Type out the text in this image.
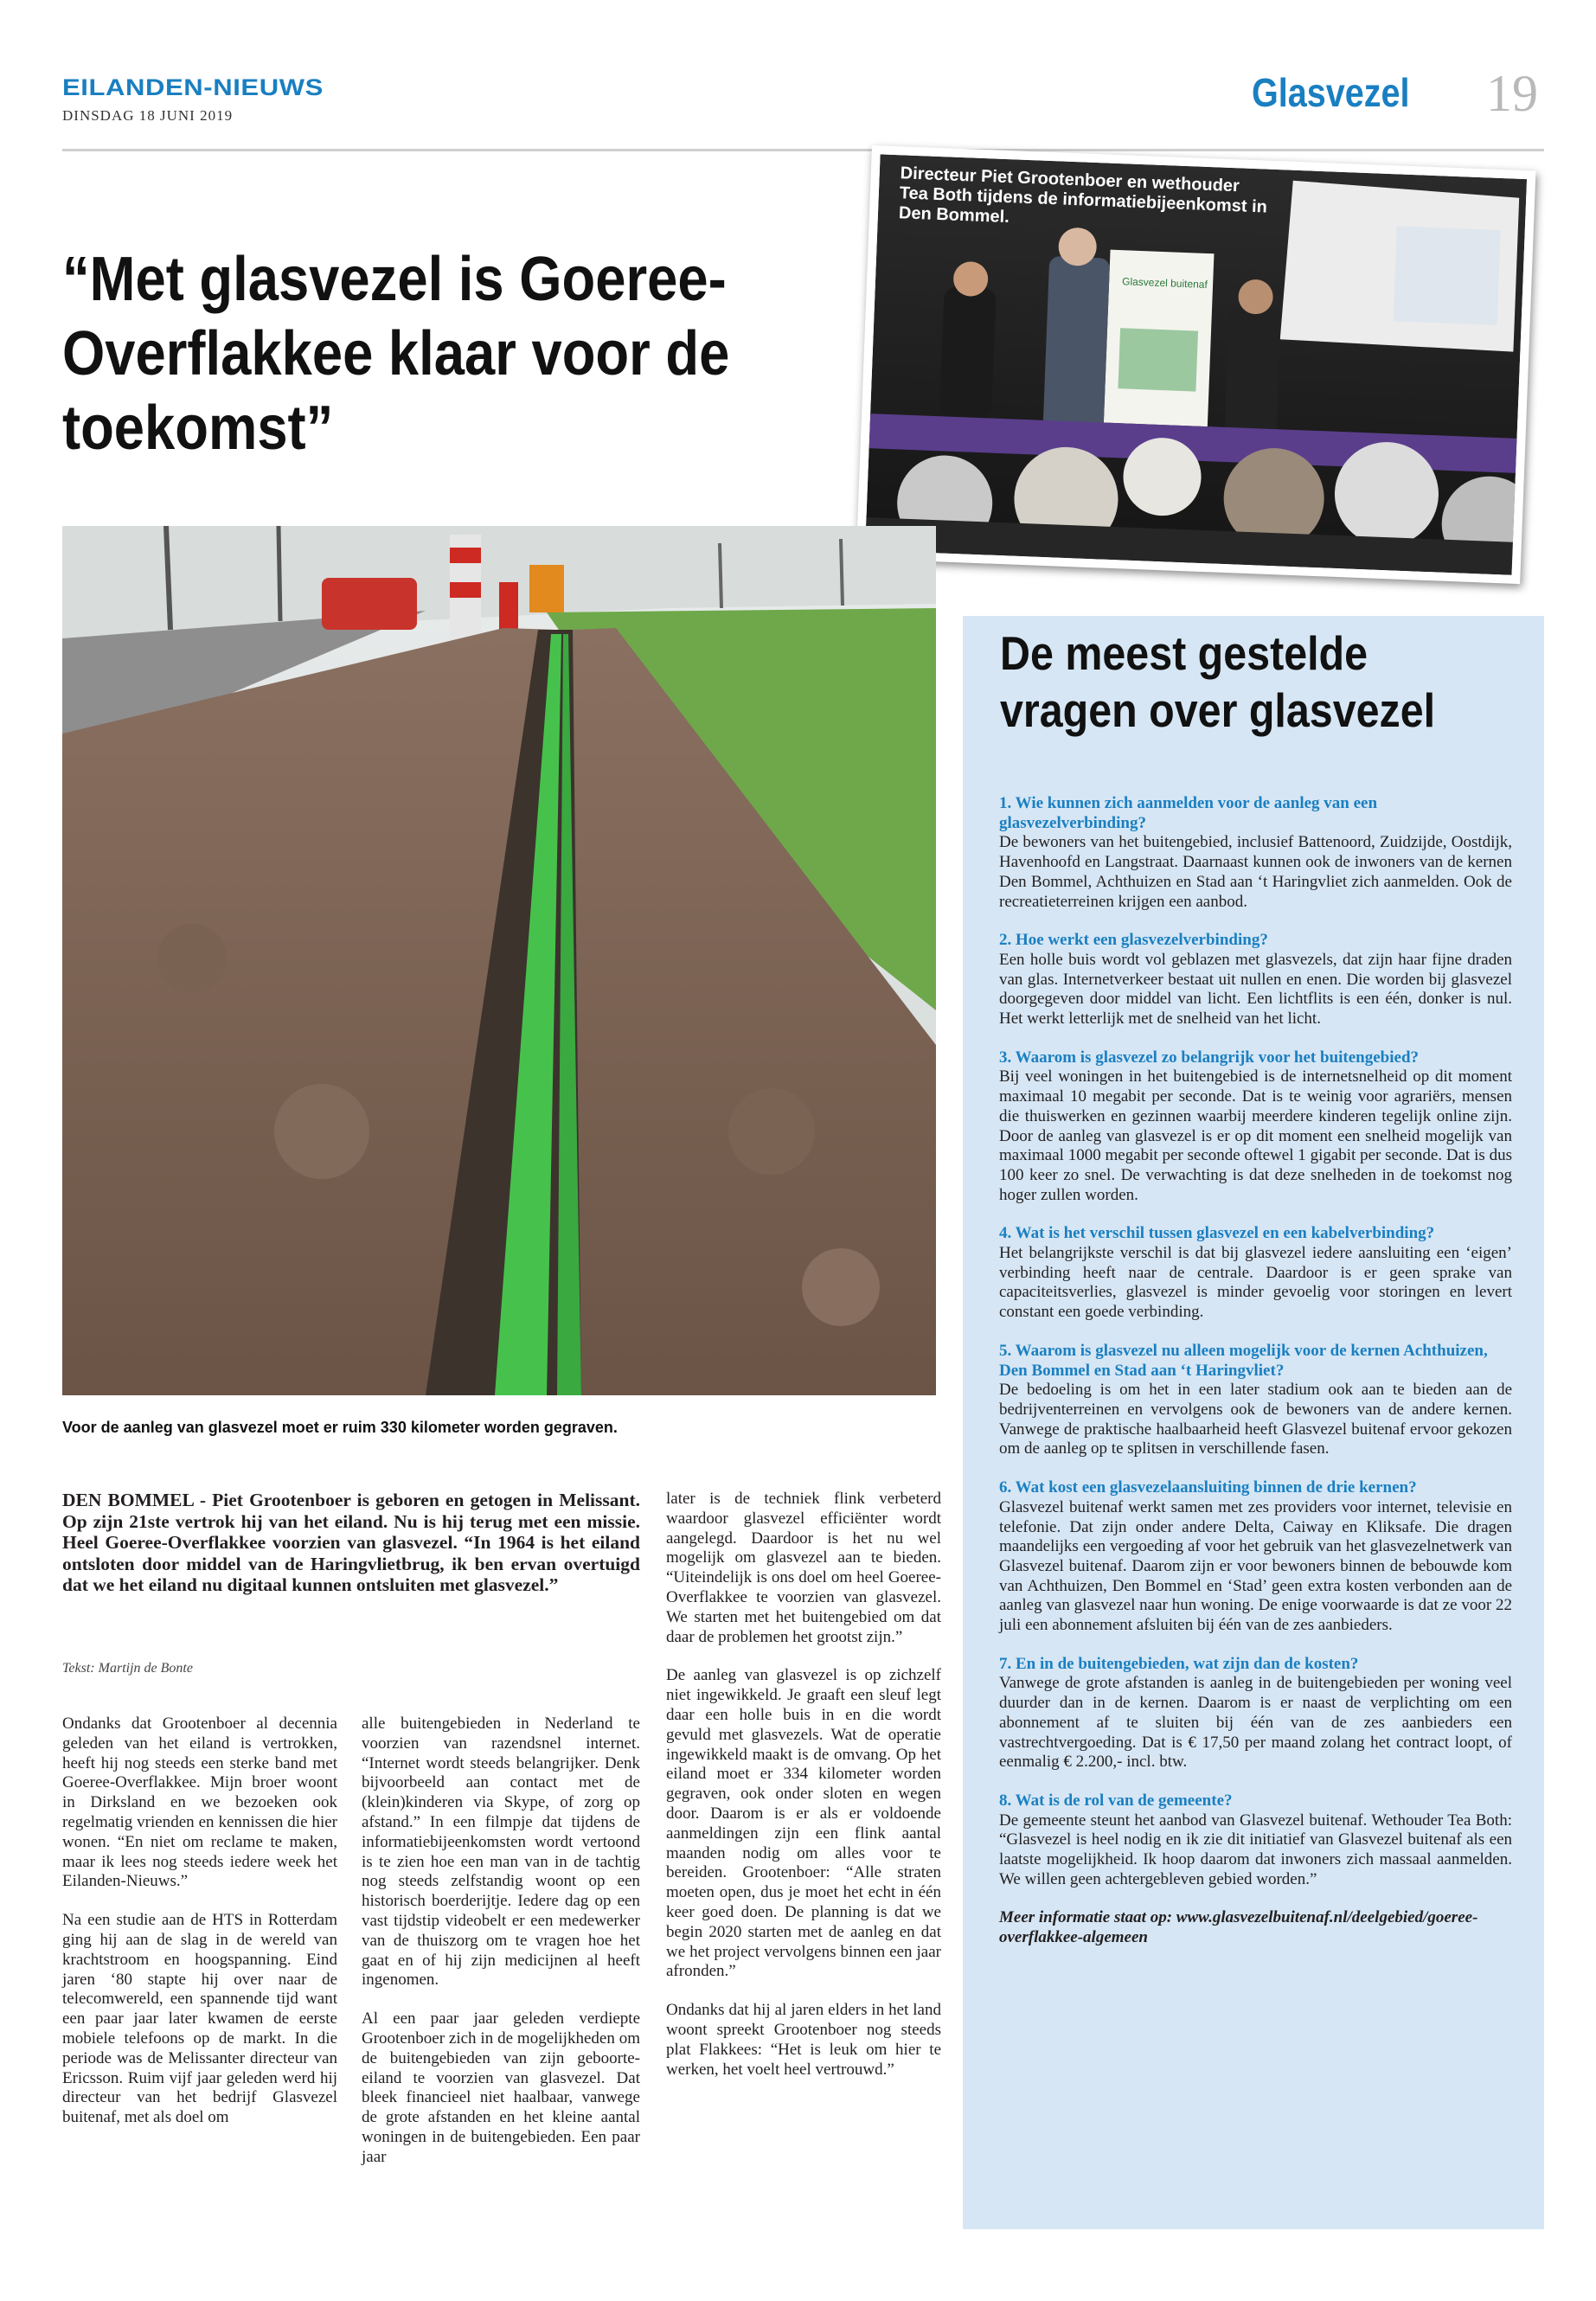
EILANDEN-NIEUWS
DINSDAG 18 JUNI 2019
Glasvezel 19
“Met glasvezel is Goeree-Overflakkee klaar voor de toekomst”
Glasvezel buitenaf
Directeur Piet Grootenboer en wethouder Tea Both tijdens de informatiebijeenkomst in Den Bommel.
Voor de aanleg van glasvezel moet er ruim 330 kilometer worden gegraven.
DEN BOMMEL - Piet Grootenboer is geboren en getogen in Melissant. Op zijn 21ste vertrok hij van het eiland. Nu is hij terug met een missie. Heel Goeree-Overflakkee voorzien van glasvezel. “In 1964 is het eiland ontsloten door middel van de Haringvlietbrug, ik ben ervan overtuigd dat we het eiland nu digitaal kunnen ontsluiten met glasvezel.”
Tekst: Martijn de Bonte

Ondanks dat Grootenboer al decennia geleden van het eiland is vertrokken, heeft hij nog steeds een sterke band met Goeree-Overflakkee. Mijn broer woont in Dirksland en we bezoeken ook regelmatig vrienden en kennissen die hier wonen. “En niet om reclame te maken, maar ik lees nog steeds iedere week het Eilanden-Nieuws.”

Na een studie aan de HTS in Rotterdam ging hij aan de slag in de wereld van krachtstroom en hoogspanning. Eind jaren ‘80 stapte hij over naar de telecomwereld, een spannende tijd want een paar jaar later kwamen de eerste mobiele telefoons op de markt. In die periode was de Melissanter directeur van Ericsson. Ruim vijf jaar geleden werd hij directeur van het bedrijf Glasvezel buitenaf, met als doel om

alle buitengebieden in Nederland te voorzien van razendsnel internet. “Internet wordt steeds belangrijker. Denk bijvoorbeeld aan contact met de (klein)kinderen via Skype, of zorg op afstand.” In een filmpje dat tijdens de informatiebijeenkomsten wordt vertoond is te zien hoe een man van in de tachtig nog steeds zelfstandig woont op een historisch boerderijtje. Iedere dag op een vast tijdstip videobelt er een medewerker van de thuiszorg om te vragen hoe het gaat en of hij zijn medicijnen al heeft ingenomen.

Al een paar jaar geleden verdiepte Grootenboer zich in de mogelijkheden om de buitengebieden van zijn geboorte-eiland te voorzien van glasvezel. Dat bleek financieel niet haalbaar, vanwege de grote afstanden en het kleine aantal woningen in de buitengebieden. Een paar jaar

later is de techniek flink verbeterd waardoor glasvezel efficiënter wordt aangelegd. Daardoor is het nu wel mogelijk om glasvezel aan te bieden. “Uiteindelijk is ons doel om heel Goeree-Overflakkee te voorzien van glasvezel. We starten met het buitengebied om dat daar de problemen het grootst zijn.”

De aanleg van glasvezel is op zichzelf niet ingewikkeld. Je graaft een sleuf legt daar een holle buis in en die wordt gevuld met glasvezels. Wat de operatie ingewikkeld maakt is de omvang. Op het eiland moet er 334 kilometer worden gegraven, ook onder sloten en wegen door. Daarom is er als er voldoende aanmeldingen zijn een flink aantal maanden nodig om alles voor te bereiden. Grootenboer: “Alle straten moeten open, dus je moet het echt in één keer goed doen. De planning is dat we begin 2020 starten met de aanleg en dat we het project vervolgens binnen een jaar afronden.”

Ondanks dat hij al jaren elders in het land woont spreekt Grootenboer nog steeds plat Flakkees: “Het is leuk om hier te werken, het voelt heel vertrouwd.”

De meest gestelde vragen over glasvezel
1. Wie kunnen zich aanmelden voor de aanleg van een glasvezelverbinding?
De bewoners van het buitengebied, inclusief Battenoord, Zuidzijde, Oostdijk, Havenhoofd en Langstraat. Daarnaast kunnen ook de inwoners van de kernen Den Bommel, Achthuizen en Stad aan ‘t Haringvliet zich aanmelden. Ook de recreatieterreinen krijgen een aanbod.
2. Hoe werkt een glasvezelverbinding?
Een holle buis wordt vol geblazen met glasvezels, dat zijn haar fijne draden van glas. Internetverkeer bestaat uit nullen en enen. Die worden bij glasvezel doorgegeven door middel van licht. Een lichtflits is een één, donker is nul. Het werkt letterlijk met de snelheid van het licht.
3. Waarom is glasvezel zo belangrijk voor het buitengebied?
Bij veel woningen in het buitengebied is de internetsnelheid op dit moment maximaal 10 megabit per seconde. Dat is te weinig voor agrariërs, mensen die thuiswerken en gezinnen waarbij meerdere kinderen tegelijk online zijn. Door de aanleg van glasvezel is er op dit moment een snelheid mogelijk van maximaal 1000 megabit per seconde oftewel 1 gigabit per seconde. Dat is dus 100 keer zo snel. De verwachting is dat deze snelheden in de toekomst nog hoger zullen worden.
4. Wat is het verschil tussen glasvezel en een kabelverbinding?
Het belangrijkste verschil is dat bij glasvezel iedere aansluiting een ‘eigen’ verbinding heeft naar de centrale. Daardoor is er geen sprake van capaciteitsverlies, glasvezel is minder gevoelig voor storingen en levert constant een goede verbinding.
5. Waarom is glasvezel nu alleen mogelijk voor de kernen Achthuizen, Den Bommel en Stad aan ‘t Haringvliet?
De bedoeling is om het in een later stadium ook aan te bieden aan de bedrijventerreinen en vervolgens ook de bewoners van de andere kernen. Vanwege de praktische haalbaarheid heeft Glasvezel buitenaf ervoor gekozen om de aanleg op te splitsen in verschillende fasen.
6. Wat kost een glasvezelaansluiting binnen de drie kernen?
Glasvezel buitenaf werkt samen met zes providers voor internet, televisie en telefonie. Dat zijn onder andere Delta, Caiway en Kliksafe. Die dragen maandelijks een vergoeding af voor het gebruik van het glasvezelnetwerk van Glasvezel buitenaf. Daarom zijn er voor bewoners binnen de bebouwde kom van Achthuizen, Den Bommel en ‘Stad’ geen extra kosten verbonden aan de aanleg van glasvezel naar hun woning. De enige voorwaarde is dat ze voor 22 juli een abonnement afsluiten bij één van de zes aanbieders.
7. En in de buitengebieden, wat zijn dan de kosten?
Vanwege de grote afstanden is aanleg in de buitengebieden per woning veel duurder dan in de kernen. Daarom is er naast de verplichting om een abonnement af te sluiten bij één van de zes aanbieders een vastrechtvergoeding. Dat is € 17,50 per maand zolang het contract loopt, of eenmalig € 2.200,- incl. btw.
8. Wat is de rol van de gemeente?
De gemeente steunt het aanbod van Glasvezel buitenaf. Wethouder Tea Both: “Glasvezel is heel nodig en ik zie dit initiatief van Glasvezel buitenaf als een laatste mogelijkheid. Ik hoop daarom dat inwoners zich massaal aanmelden. We willen geen achtergebleven gebied worden.”
Meer informatie staat op: www.glasvezelbuitenaf.nl/deelgebied/goeree-overflakkee-algemeen
